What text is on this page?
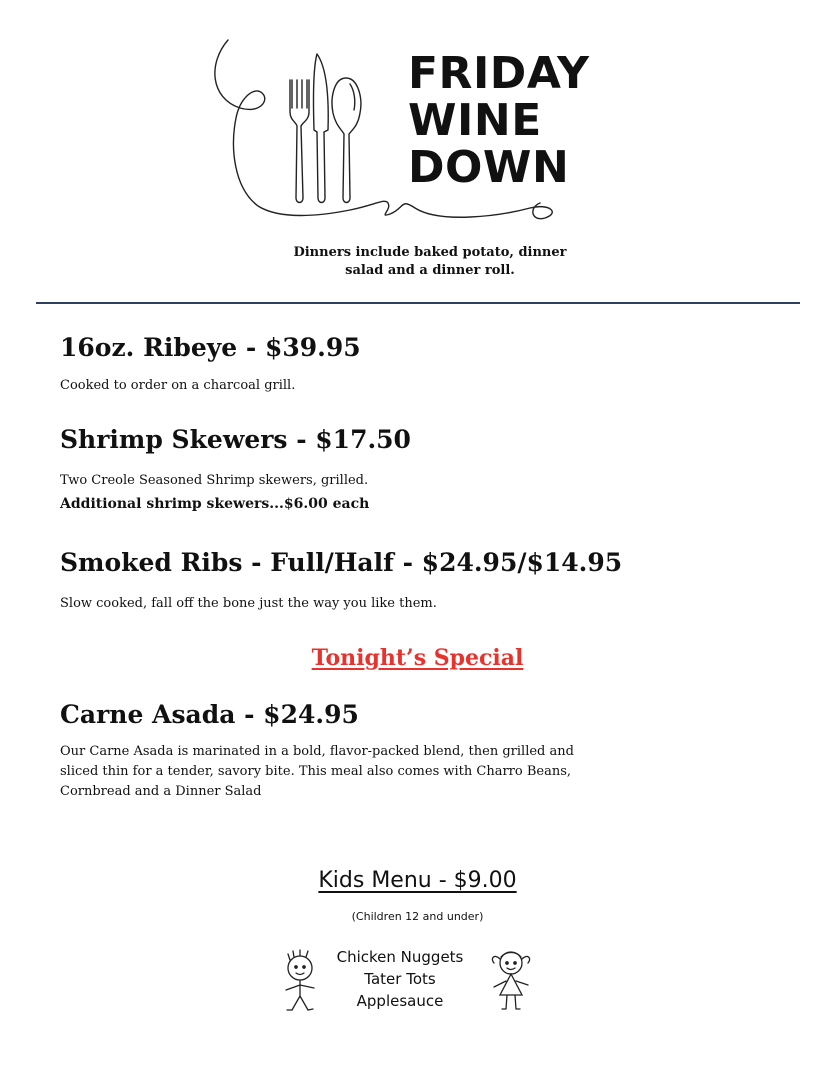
FRIDAY
WINE
DOWN
Dinners include baked potato, dinner
salad and a dinner roll.
16oz. Ribeye - $39.95

Cooked to order on a charcoal grill.

Shrimp Skewers - $17.50

Two Creole Seasoned Shrimp skewers, grilled.

Additional shrimp skewers...$6.00 each

Smoked Ribs - Full/Half - $24.95/$14.95

Slow cooked, fall off the bone just the way you like them.

Tonight’s Special
Carne Asada - $24.95
Our Carne Asada is marinated in a bold, flavor-packed blend, then grilled and
sliced thin for a tender, savory bite. This meal also comes with Charro Beans,
Cornbread and a Dinner Salad
Kids Menu - $9.00
(Children 12 and under)
Chicken Nuggets
Tater Tots
Applesauce
